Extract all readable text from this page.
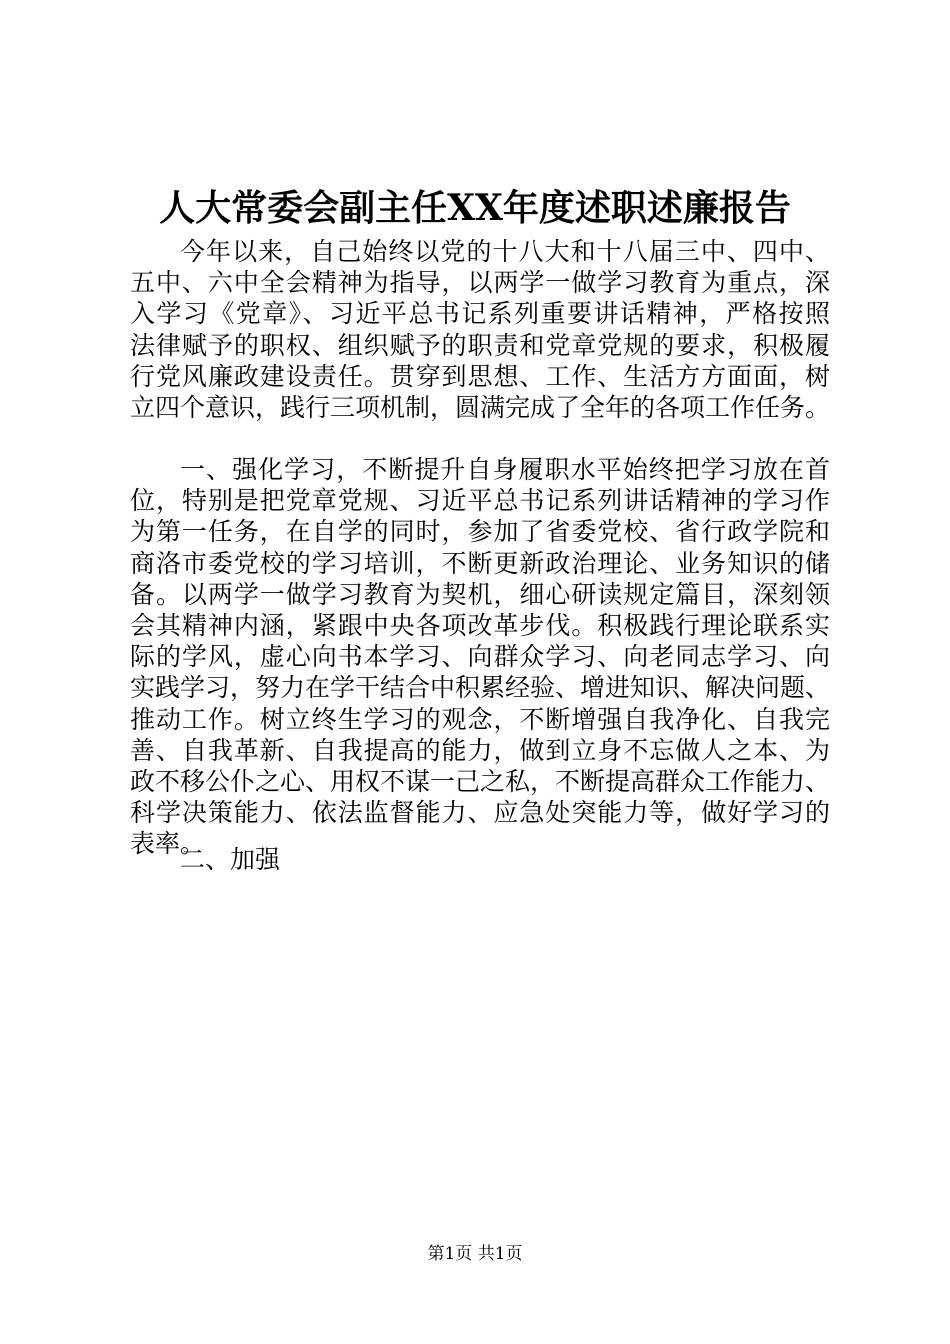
人大常委会副主任XX年度述职述廉报告
今年以来，自己始终以党的十八大和十八届三中、四中、
五中、六中全会精神为指导，以两学一做学习教育为重点，深
入学习《党章》、习近平总书记系列重要讲话精神，严格按照
法律赋予的职权、组织赋予的职责和党章党规的要求，积极履
行党风廉政建设责任。贯穿到思想、工作、生活方方面面，树
立四个意识，践行三项机制，圆满完成了全年的各项工作任务。
一、强化学习，不断提升自身履职水平始终把学习放在首
位，特别是把党章党规、习近平总书记系列讲话精神的学习作
为第一任务，在自学的同时，参加了省委党校、省行政学院和
商洛市委党校的学习培训，不断更新政治理论、业务知识的储
备。以两学一做学习教育为契机，细心研读规定篇目，深刻领
会其精神内涵，紧跟中央各项改革步伐。积极践行理论联系实
际的学风，虚心向书本学习、向群众学习、向老同志学习、向
实践学习，努力在学干结合中积累经验、增进知识、解决问题、
推动工作。树立终生学习的观念，不断增强自我净化、自我完
善、自我革新、自我提高的能力，做到立身不忘做人之本、为
政不移公仆之心、用权不谋一己之私，不断提高群众工作能力、
科学决策能力、依法监督能力、应急处突能力等，做好学习的
表率。
二、加强
第1页 共1页
